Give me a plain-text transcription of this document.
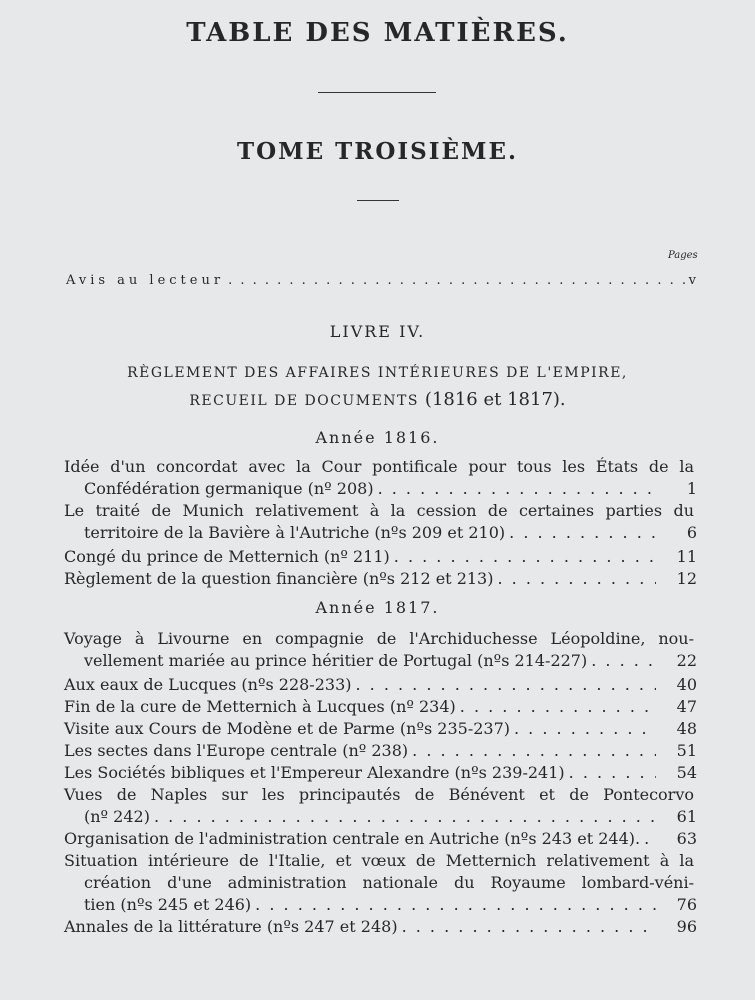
TABLE DES MATIÈRES.
TOME TROISIÈME.
Pages
Avis au lecteur . . .	v
LIVRE IV.
RÈGLEMENT DES AFFAIRES INTÉRIEURES DE L'EMPIRE,
RECUEIL DE DOCUMENTS (1816 et 1817).
Année 1816.
Idée d'un concordat avec la Cour pontificale pour tous les États de la
Confédération germanique (nº 208) . . .	1
Le traité de Munich relativement à la cession de certaines parties du
territoire de la Bavière à l'Autriche (nºs 209 et 210) . . .	6
Congé du prince de Metternich (nº 211) . . .	11
Règlement de la question financière (nºs 212 et 213) . . .	12
Année 1817.
Voyage à Livourne en compagnie de l'Archiduchesse Léopoldine, nou-
vellement mariée au prince héritier de Portugal (nºs 214-227) . . .	22
Aux eaux de Lucques (nºs 228-233) . . .	40
Fin de la cure de Metternich à Lucques (nº 234) . . .	47
Visite aux Cours de Modène et de Parme (nºs 235-237) . . .	48
Les sectes dans l'Europe centrale (nº 238) . . .	51
Les Sociétés bibliques et l'Empereur Alexandre (nºs 239-241) . . .	54
Vues de Naples sur les principautés de Bénévent et de Pontecorvo
(nº 242) . . .	61
Organisation de l'administration centrale en Autriche (nºs 243 et 244). . . . 63
Situation intérieure de l'Italie, et vœux de Metternich relativement à la
création d'une administration nationale du Royaume lombard-véni-
tien (nºs 245 et 246) . . .	76
Annales de la littérature (nºs 247 et 248) . . .	96
